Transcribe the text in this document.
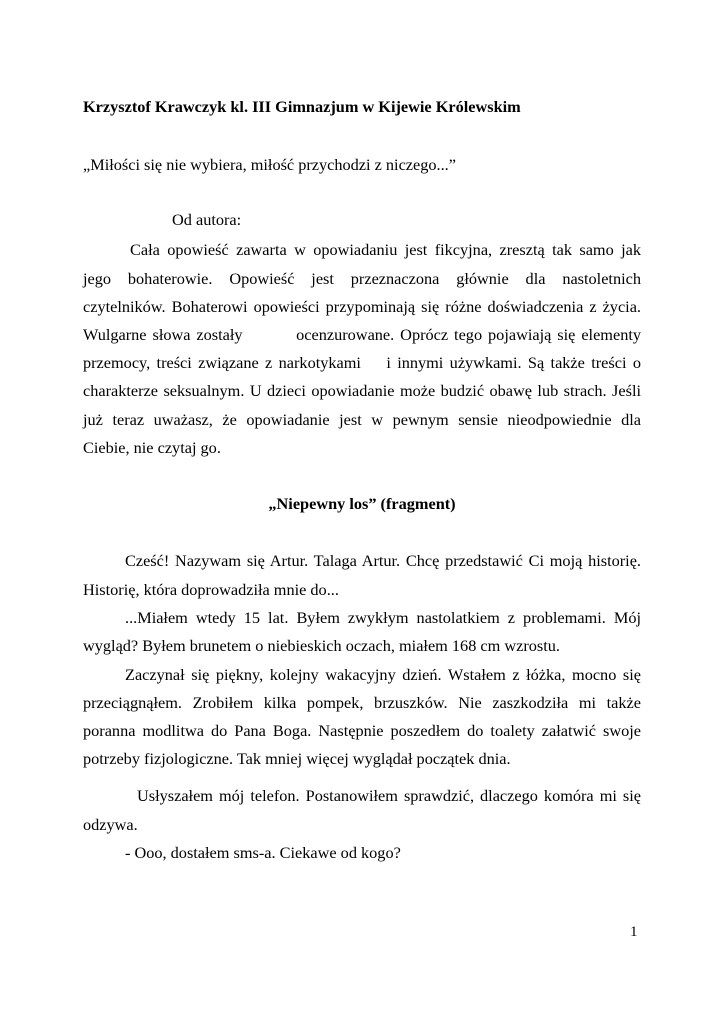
Krzysztof Krawczyk kl. III Gimnazjum w Kijewie Królewskim
„Miłości się nie wybiera, miłość przychodzi z niczego...”
Od autora:
Cała opowieść zawarta w opowiadaniu jest fikcyjna, zresztą tak samo jak
jego bohaterowie. Opowieść jest przeznaczona głównie dla nastoletnich
czytelników. Bohaterowi opowieści przypominają się różne doświadczenia z życia.
Wulgarne słowa zostały         ocenzurowane. Oprócz tego pojawiają się elementy
przemocy, treści związane z narkotykami    i innymi używkami. Są także treści o
charakterze seksualnym. U dzieci opowiadanie może budzić obawę lub strach. Jeśli
już teraz uważasz, że opowiadanie jest w pewnym sensie nieodpowiednie dla
Ciebie, nie czytaj go.
„Niepewny los” (fragment)
Cześć! Nazywam się Artur. Talaga Artur. Chcę przedstawić Ci moją historię.
Historię, która doprowadziła mnie do...
...Miałem wtedy 15 lat. Byłem zwykłym nastolatkiem z problemami. Mój
wygląd? Byłem brunetem o niebieskich oczach, miałem 168 cm wzrostu.
Zaczynał się piękny, kolejny wakacyjny dzień. Wstałem z łóżka, mocno się
przeciągnąłem. Zrobiłem kilka pompek, brzuszków. Nie zaszkodziła mi także
poranna modlitwa do Pana Boga. Następnie poszedłem do toalety załatwić swoje
potrzeby fizjologiczne. Tak mniej więcej wyglądał początek dnia.
Usłyszałem mój telefon. Postanowiłem sprawdzić, dlaczego komóra mi się
odzywa.
- Ooo, dostałem sms-a. Ciekawe od kogo?
1
